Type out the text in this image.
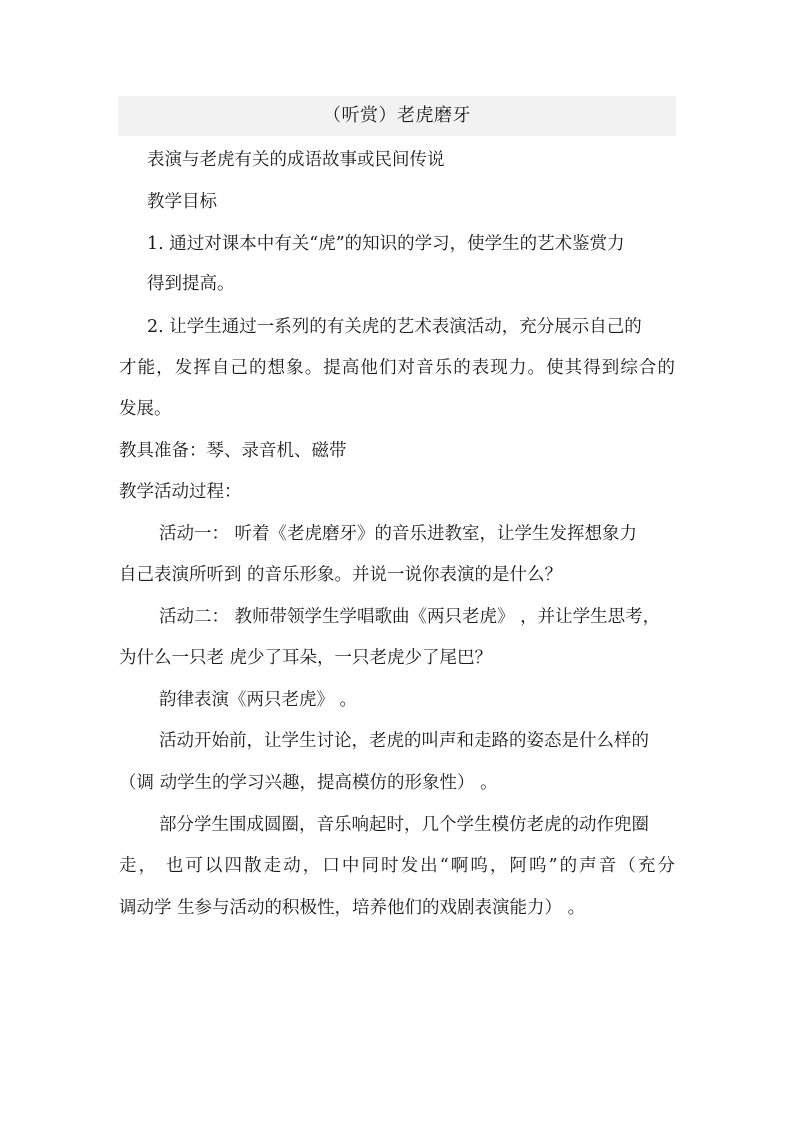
（听赏）老虎磨牙
表演与老虎有关的成语故事或民间传说
教学目标
1. 通过对课本中有关“虎”的知识的学习，使学生的艺术鉴赏力
得到提高。
2. 让学生通过一系列的有关虎的艺术表演活动，充分展示自己的
才能，发挥自己的想象。提高他们对音乐的表现力。使其得到综合的
发展。
教具准备：琴、录音机、磁带
教学活动过程：
活动一： 听着《老虎磨牙》的音乐进教室，让学生发挥想象力
自己表演所听到 的音乐形象。并说一说你表演的是什么？
活动二： 教师带领学生学唱歌曲《两只老虎》 ，并让学生思考，
为什么一只老 虎少了耳朵，一只老虎少了尾巴？
韵律表演《两只老虎》 。
活动开始前，让学生讨论，老虎的叫声和走路的姿态是什么样的
（调 动学生的学习兴趣，提高模仿的形象性） 。
部分学生围成圆圈，音乐响起时，几个学生模仿老虎的动作兜圈
走， 也可以四散走动，口中同时发出“啊呜，阿呜”的声音（充分
调动学 生参与活动的积极性，培养他们的戏剧表演能力） 。
